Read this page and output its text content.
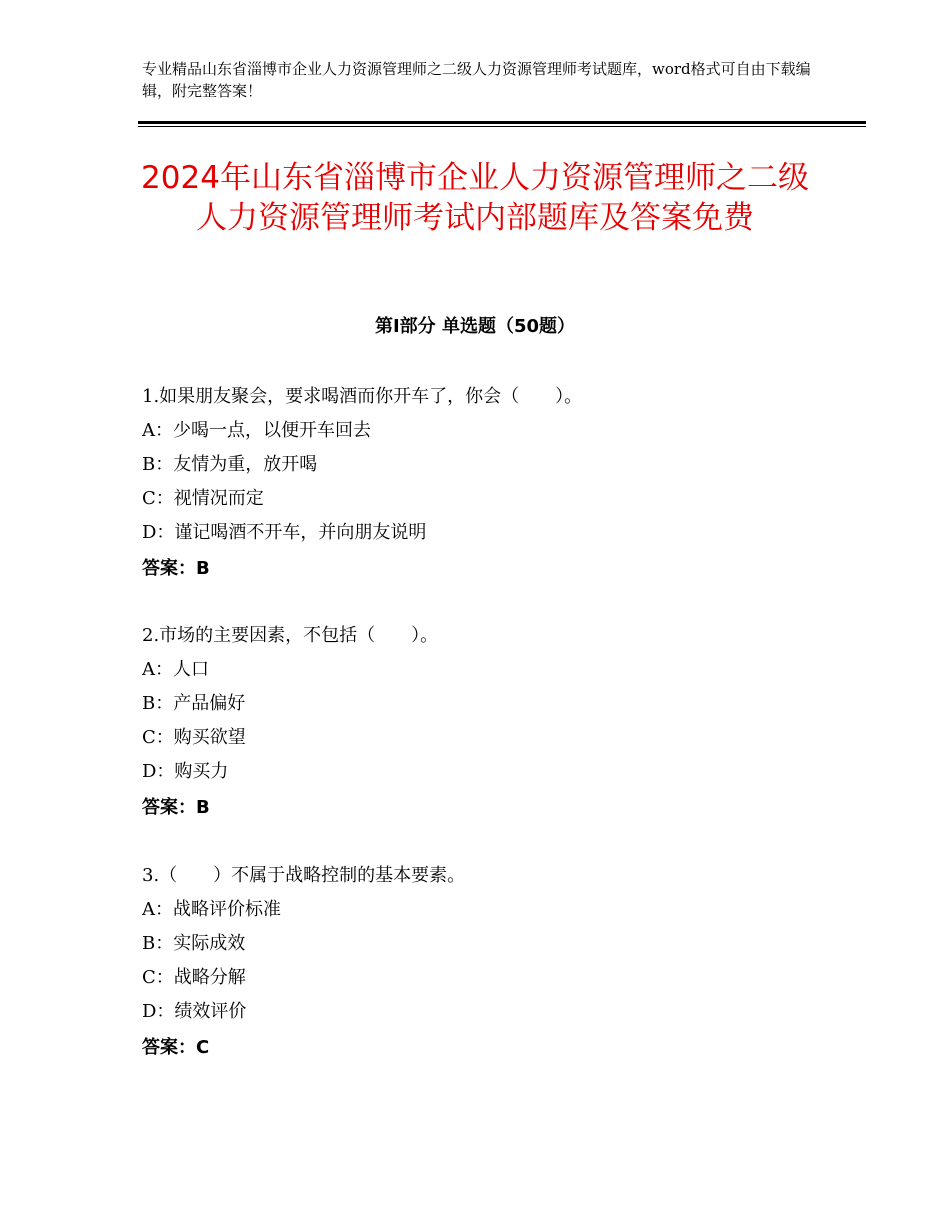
专业精品山东省淄博市企业人力资源管理师之二级人力资源管理师考试题库，word格式可自由下载编辑，附完整答案！
2024年山东省淄博市企业人力资源管理师之二级人力资源管理师考试内部题库及答案免费
第Ⅰ部分 单选题（50题）
1.如果朋友聚会，要求喝酒而你开车了，你会（　　）。
A：少喝一点，以便开车回去
B：友情为重，放开喝
C：视情况而定
D：谨记喝酒不开车，并向朋友说明
答案：B
2.市场的主要因素，不包括（　　）。
A：人口
B：产品偏好
C：购买欲望
D：购买力
答案：B
3.（　　）不属于战略控制的基本要素。
A：战略评价标准
B：实际成效
C：战略分解
D：绩效评价
答案：C
